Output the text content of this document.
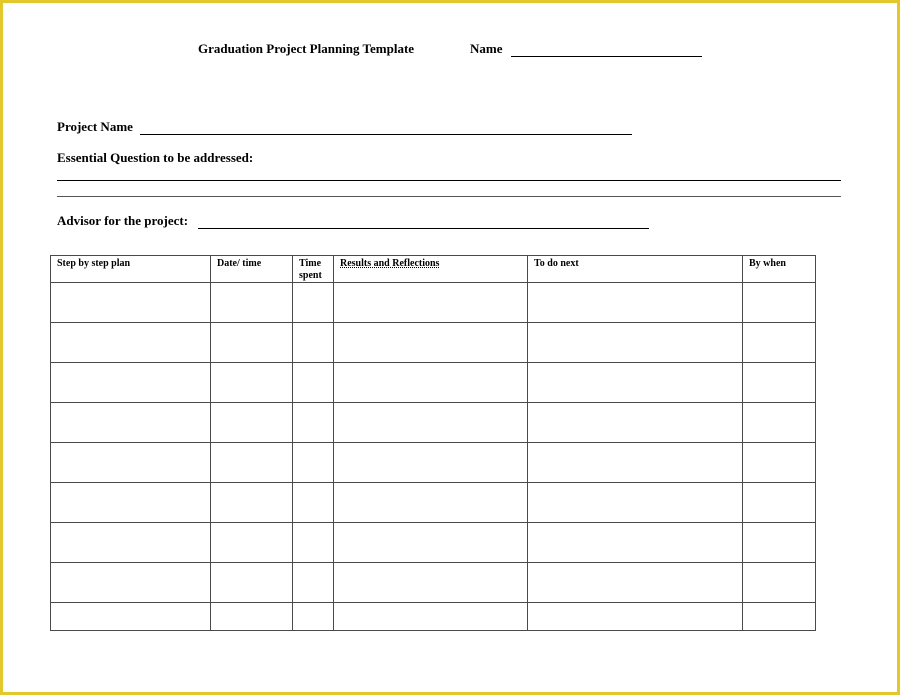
Graduation Project Planning Template	Name
Project Name
Essential Question to be addressed:
Advisor for the project:
Step by step plan	Date/ time	Time spent	Results and Reflections	To do next	By when
